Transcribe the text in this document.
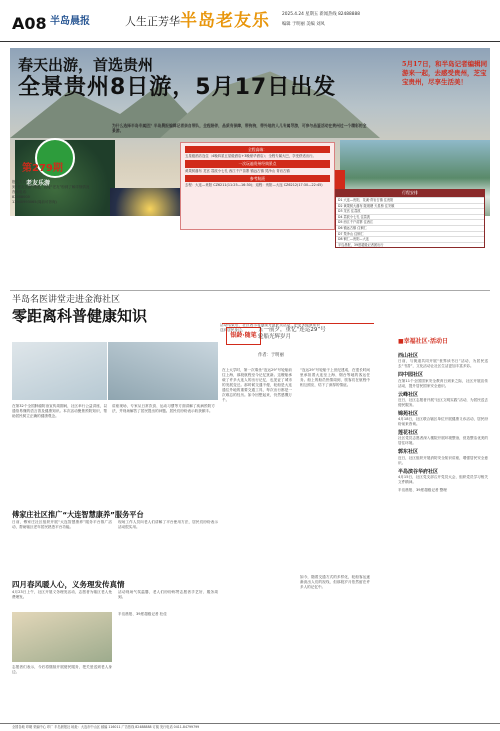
A08 半岛晨报	人生正芳华 半岛老友乐	2025.4.24 星期五 新闻热线 82488888
编辑 于明丽 美编 刘凤
春天出游，首选贵州
全景贵州8日游，5月17日出发
5月17日，和半岛记者编辑同游来一起，去感受贵州，芝宝宝贵州，尽享生活美！
为什么选择半岛专属团？半岛晨报编辑记者亲自带队，全程陪伴，品质有保障，带狗狗，带外地的人儿专属导游，可参与品鉴活动在贵州过一个精彩的全景游。
老友乐游
全程高端：
五星级酒店连住（4晚四星五星级酒店+3晚豪华酒店）；全程专属大巴，享受舒适出行。
一次玩遍贵州经典景点
黄果树瀑布 龙宫 荔波小七孔 西江千户苗寨 镇远古镇 梵净山 青岩古镇
参考航班
去程：大连—贵阳 CZ6211(11:25—16:30)；返程：贵阳—大连 CZ6212(17:30—22:45)
行程安排
D1 大连—贵阳，花溪·青岩古镇 住贵阳
D2 黄果树大瀑布 陡坡塘 天星桥 住安顺
D3 龙宫 住荔波
D4 荔波小七孔 住荔波
D5 西江千户苗寨 住西江
D6 镇远古镇 住铜仁
D7 梵净山 住铜仁
D8 铜仁—贵阳—大连
半岛晨报，39度超级记者团出行
第279期
报名方式：
到“老友乐游”网报，直接“老友”粉到了解详细情况
咨询电话：
82488000
13940993065(周前可咨询)
半岛名医讲堂走进金海社区
零距离科普健康知识
在第32个全国肿瘤防治宣传周期间，社区举行公益讲座，以通俗易懂的语言普及健康知识。本次活动聚焦预防知识，帮助居民树立正确的健康观念。
讲座现场，专家从日常饮食、运动习惯等方面讲解了疾病预防方法，并现场解答了居民提出的问题。居民们纷纷表示收获颇丰。
活动结束后，社区表示将继续开展此类活动，把更多健康知识送到居民身边。
傅家庄社区推广“大连智慧康养”服务平台
日前，傅家庄社区组织开展“大连智慧康养”服务平台推广活动，帮助辖区老年居民熟悉平台功能。
现场工作人员向老人们讲解了平台使用方法，居民们纷纷表示活动很实用。
四月春风暖人心，义务理发传真情
4月23日上午，社区开展义务理发活动，志愿者为辖区老人免费理发。
活动现场气氛温馨，老人们纷纷称赞志愿者手艺好、服务周到。
志愿者们表示，今后将继续开展便民服务，把关爱送到老人身边。
半岛晨报、39度超级记者 杜佳
银龄·随笔
五一前夕，重忆“连运29”号轮船光辉岁月
作者：于明丽
在上大学时，第一次乘坐“连运29”号轮船前往上海，那段航程至今记忆犹新。这艘船承载了许多大连人的出行记忆，也见证了城市的发展变迁。那时候交通不便，轮船是大连通往外地的重要交通工具，每次出行都是一次难忘的经历。如今回想起来，仍然感慨万千。
“连运29”号轮船于上世纪建成，在很长时间里承担着大连至上海、烟台等地的客运任务。船上的船员热情周到，旅客们在航程中相互照应，结下了深厚的情谊。
如今，随着交通方式的多样化，轮船客运逐渐淡出人们的视线，但那段岁月依然留在许多人的记忆中。
■幸福社区·活动日
西山社区
日前，与街道共同开展“世界读书日”活动，为居民送去“书香”，文化活动让社区生活更加丰富多彩。
四中园社区
在第11个全国国家安全教育日到来之际，社区开展宣传活动，提升居民国家安全意识。
云峰社区
近日，社区志愿者开展“社区文明实践”活动，为居民送去便民服务。
锦苑社区
4月18日，社区联合辖区单位开展健康义诊活动，居民纷纷前来咨询。
莲花社区
社区党员志愿者深入楼院开展环境整治，营造整洁优美的居住环境。
郭东社区
近日，社区组织开展消防安全知识讲座，增强居民安全意识。
半岛滨谷华府社区
4月15日，社区党支部召开党员大会，组织党员学习相关文件精神。
半岛晨报、39度超级记者 整理
全国各地 印刷 采编中心 印厂 半岛晨报社 地址：大连市中山区 邮编 116011 广告热线 82488888 订阅 发行电话 0411-84799799
